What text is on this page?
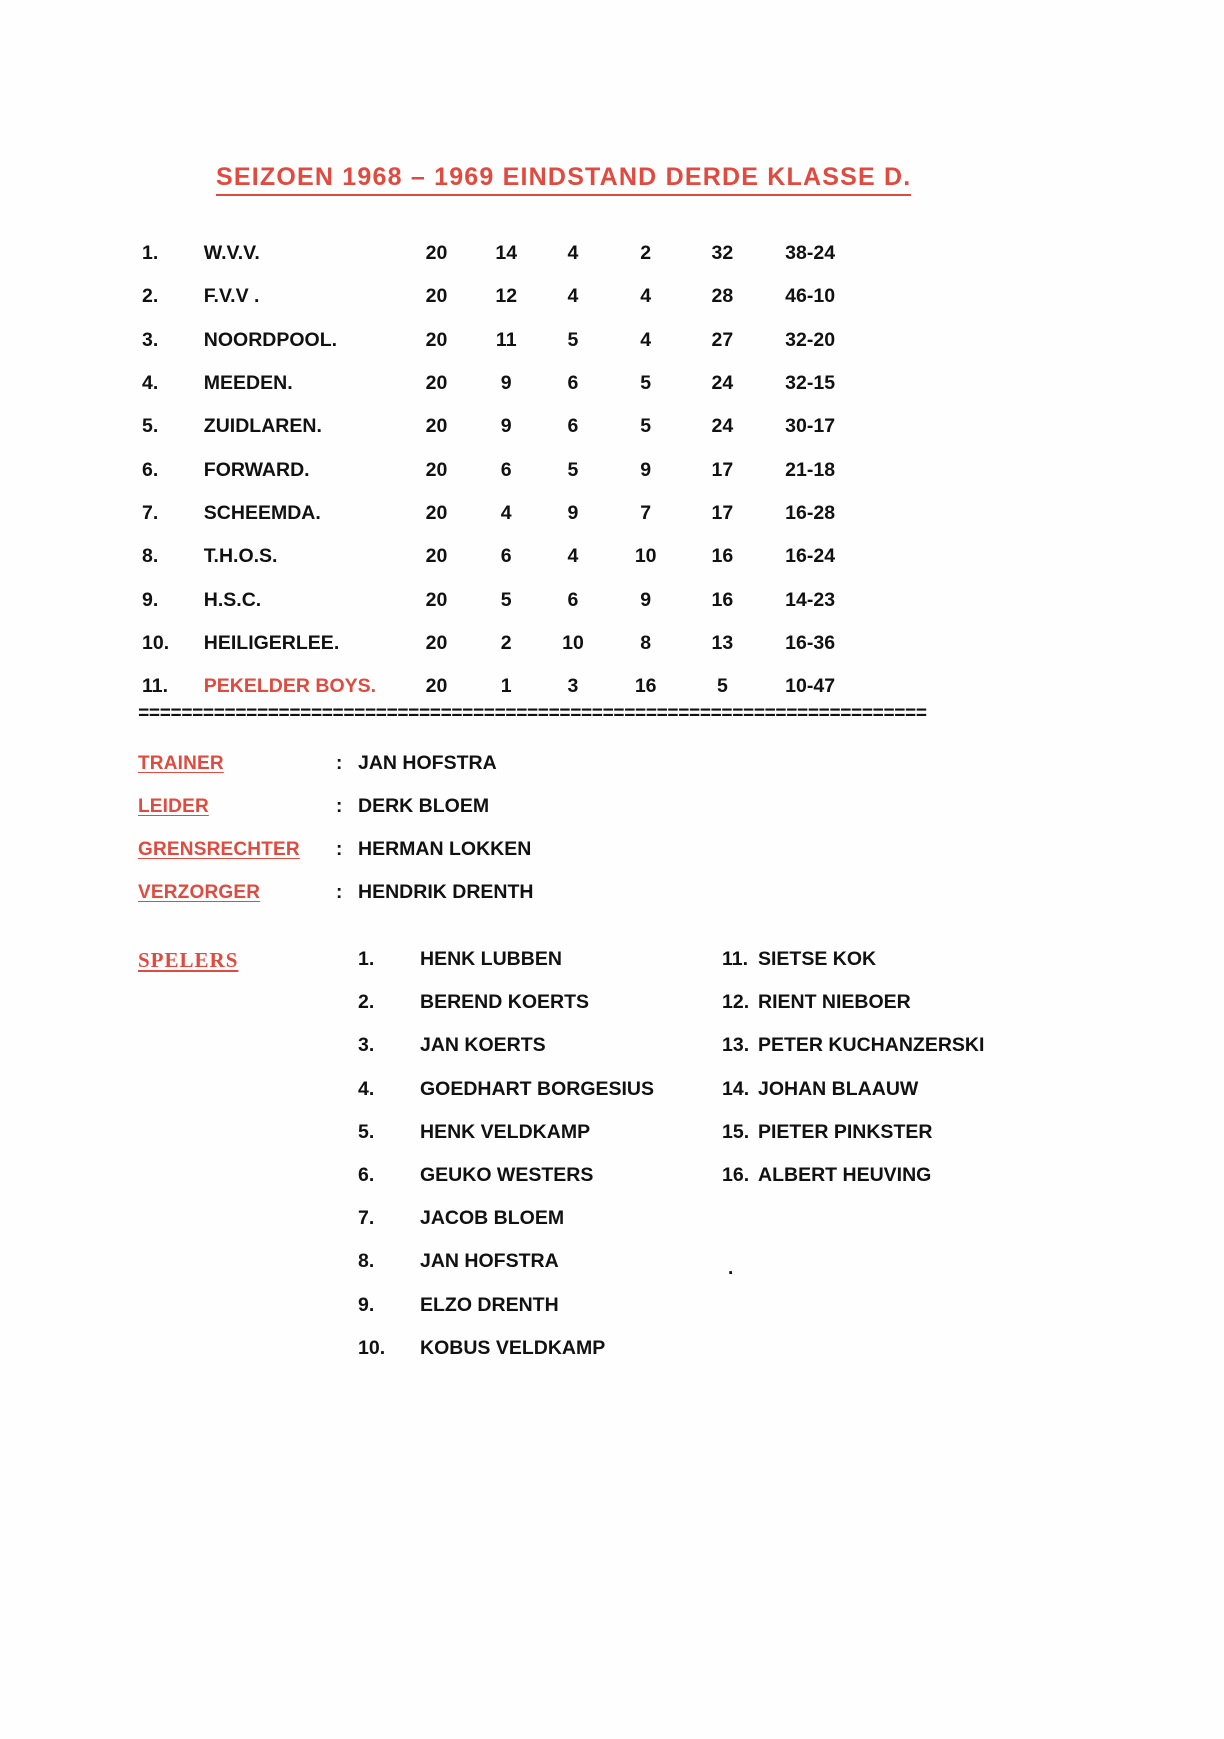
SEIZOEN 1968 – 1969 EINDSTAND DERDE KLASSE D.
1.	W.V.V.	20	14	4	2	32	38-24
2.	F.V.V .	20	12	4	4	28	46-10
3.	NOORDPOOL.	20	11	5	4	27	32-20
4.	MEEDEN.	20	9	6	5	24	32-15
5.	ZUIDLAREN.	20	9	6	5	24	30-17
6.	FORWARD.	20	6	5	9	17	21-18
7.	SCHEEMDA.	20	4	9	7	17	16-28
8.	T.H.O.S.	20	6	4	10	16	16-24
9.	H.S.C.	20	5	6	9	16	14-23
10.	HEILIGERLEE.	20	2	10	8	13	16-36
11.	PEKELDER BOYS.	20	1	3	16	5	10-47
=========================================================================
TRAINER	: JAN HOFSTRA
LEIDER	: DERK BLOEM
GRENSRECHTER	: HERMAN LOKKEN
VERZORGER	: HENDRIK DRENTH
SPELERS	1.	HENK LUBBEN
2.	BEREND KOERTS
3.	JAN KOERTS
4.	GOEDHART BORGESIUS
5.	HENK VELDKAMP
6.	GEUKO WESTERS
7.	JACOB BLOEM
8.	JAN HOFSTRA
9.	ELZO DRENTH
10.	KOBUS VELDKAMP
11. SIETSE KOK
12. RIENT NIEBOER
13. PETER KUCHANZERSKI
14. JOHAN BLAAUW
15. PIETER PINKSTER
16. ALBERT HEUVING
.
